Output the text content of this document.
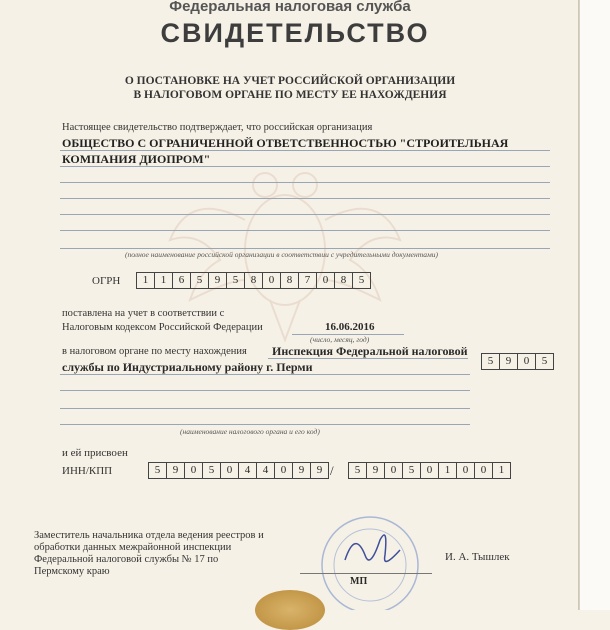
Федеральная налоговая служба
СВИДЕТЕЛЬСТВО
О ПОСТАНОВКЕ НА УЧЕТ РОССИЙСКОЙ ОРГАНИЗАЦИИ
В НАЛОГОВОМ ОРГАНЕ ПО МЕСТУ ЕЕ НАХОЖДЕНИЯ
Настоящее свидетельство подтверждает, что российская организация
ОБЩЕСТВО С ОГРАНИЧЕННОЙ ОТВЕТСТВЕННОСТЬЮ "СТРОИТЕЛЬНАЯ
КОМПАНИЯ ДИОПРОМ"
(полное наименование российской организации в соответствии с учредительными документами)
ОГРН	1	1	6	5	9	5	8	0	8	7	0	8	5
поставлена на учет в соответствии с
Налоговым кодексом Российской Федерации	16.06.2016
(число, месяц, год)
в налоговом органе по месту нахождения Инспекция Федеральной налоговой
службы по Индустриальному району г. Перми
(наименование налогового органа и его код)
5	9	0	5
и ей присвоен
ИНН/КПП	5	9	0	5	0	4	4	0	9	9 /	5	9	0	5	0	1	0	0	1
Заместитель начальника отдела ведения реестров и
обработки данных межрайонной инспекции
Федеральной налоговой службы № 17 по
Пермскому краю
МП
И. А. Тышлек
